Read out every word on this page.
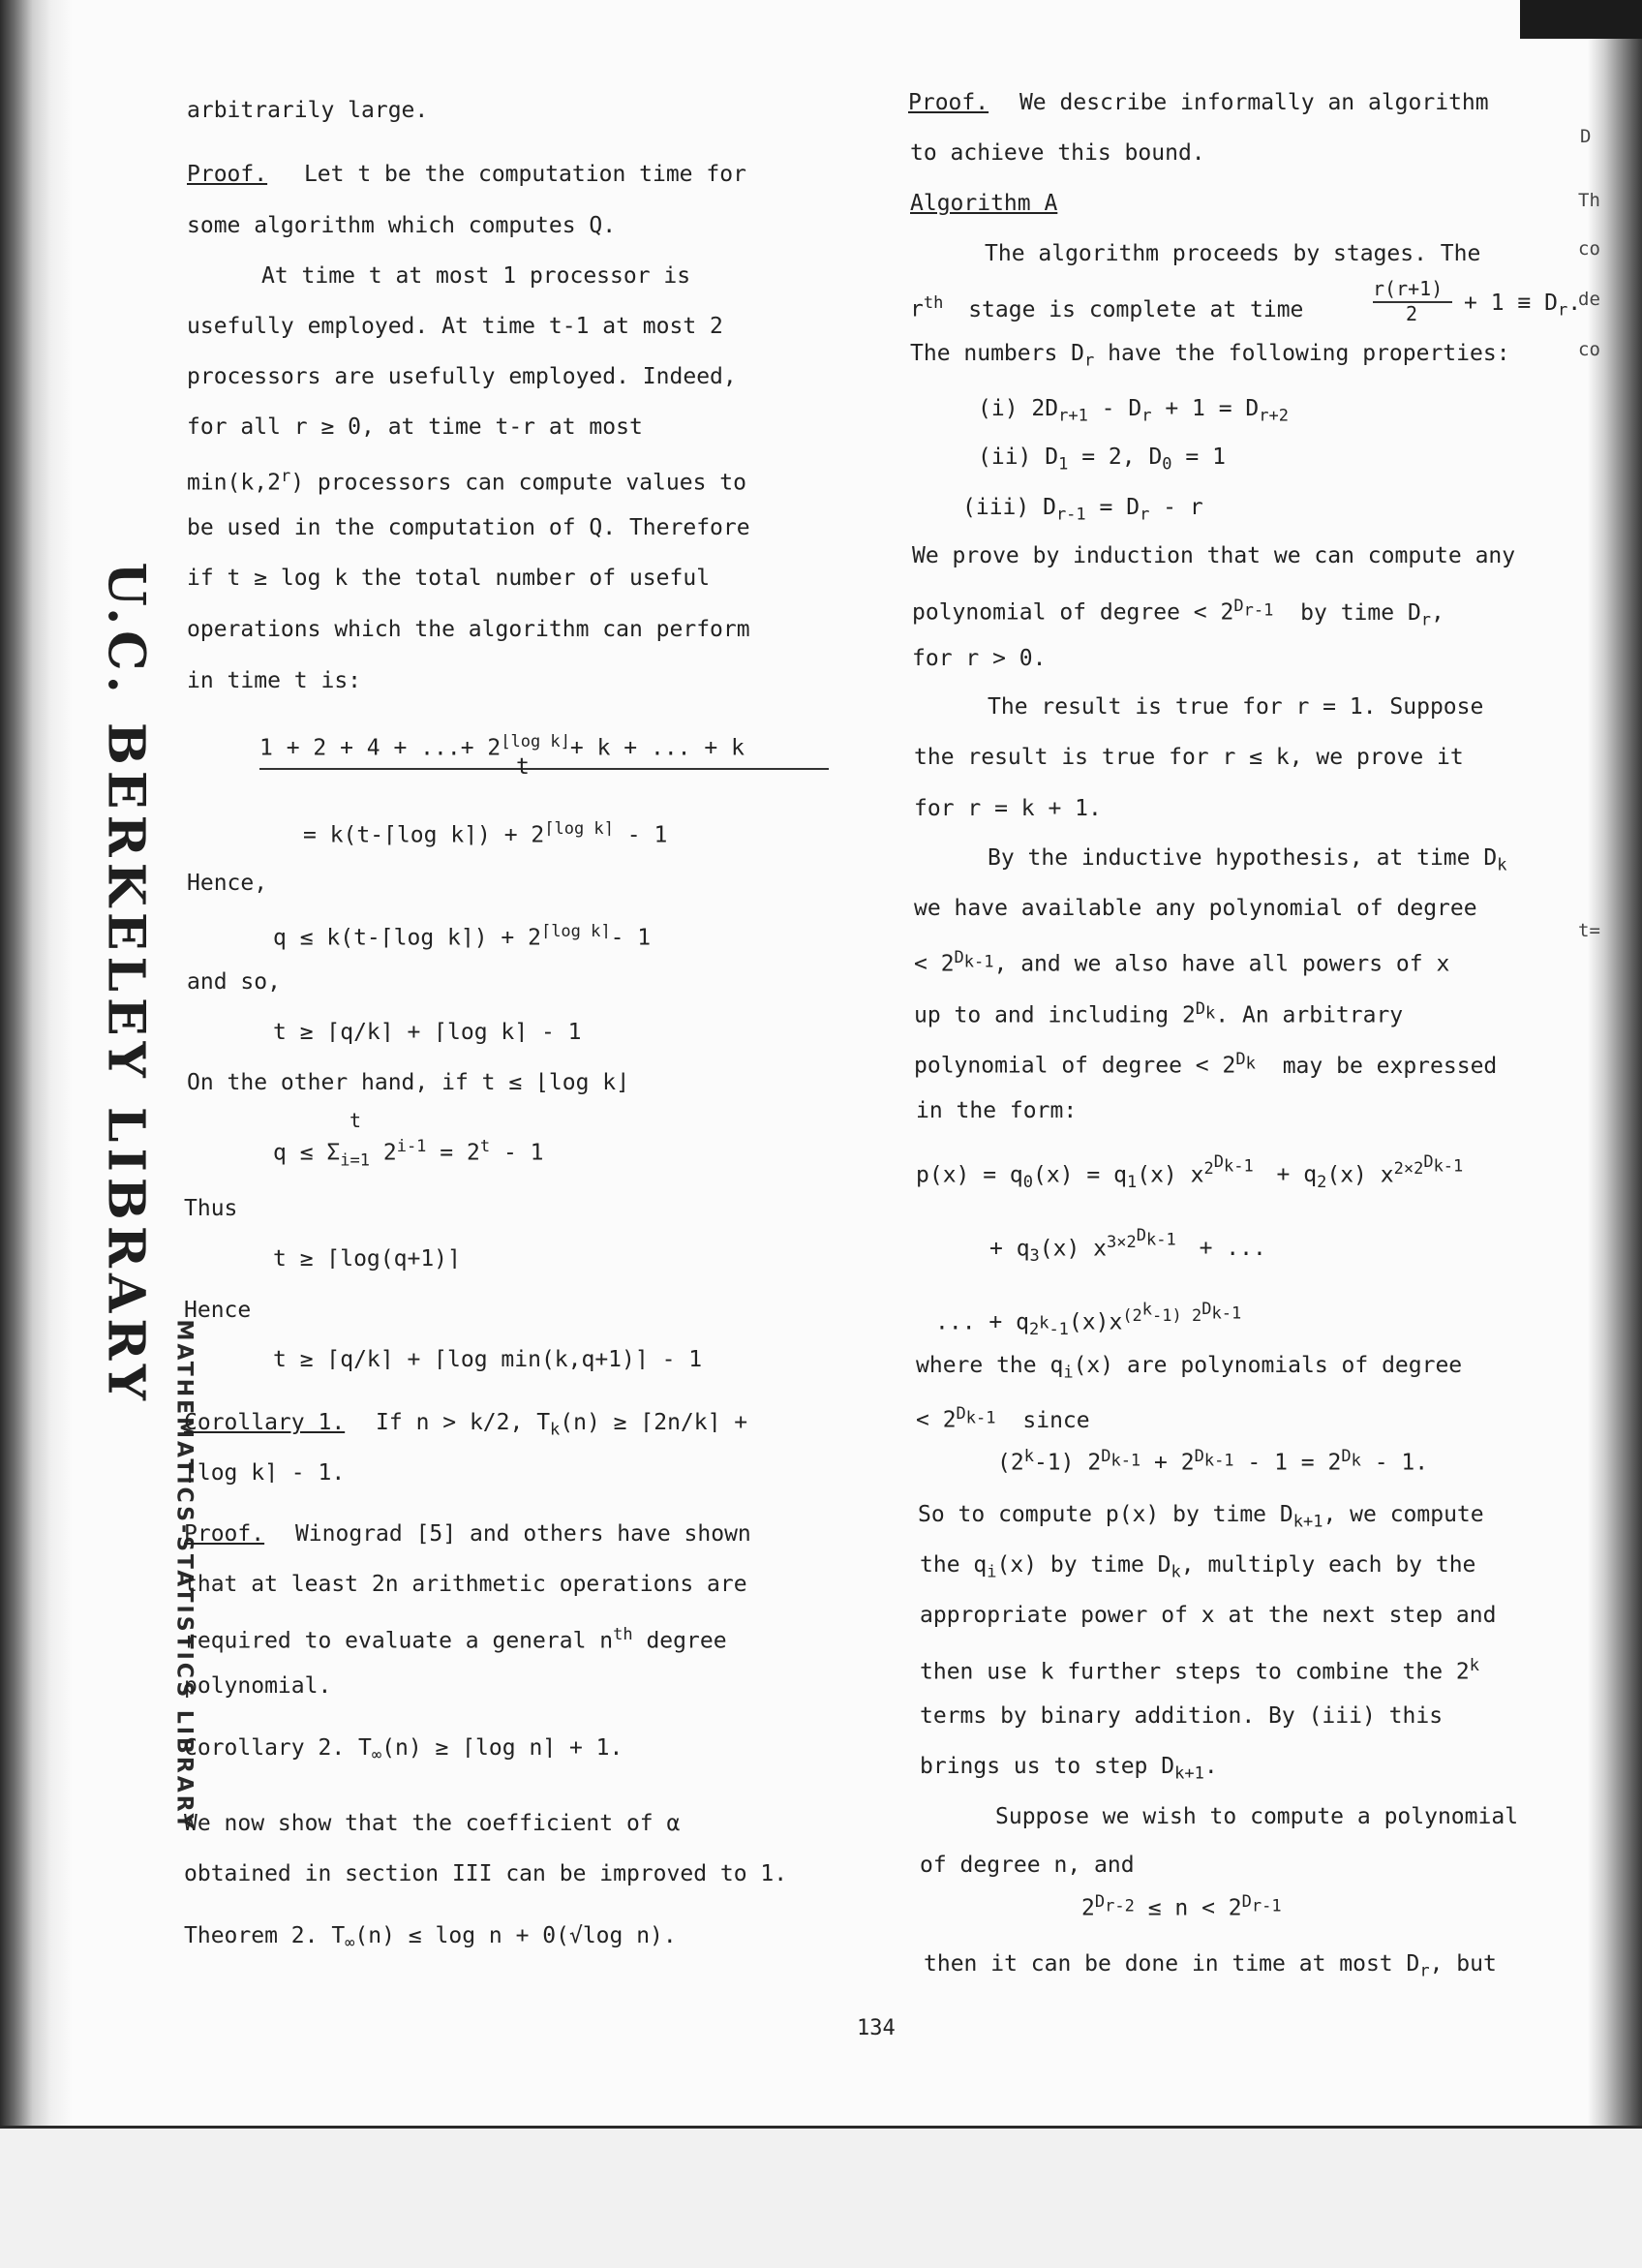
U.C. BERKELEY LIBRARY
MATHEMATICS-STATISTICS LIBRARY
D
Th
co
de
co
t=
arbitrarily large.
Proof. Let t be the computation time for
some algorithm which computes Q.
At time t at most 1 processor is
usefully employed. At time t-1 at most 2
processors are usefully employed. Indeed,
for all r ≥ 0, at time t-r at most
min(k,2$^r$) processors can compute values to
be used in the computation of Q. Therefore
if t ≥ log k the total number of useful
operations which the algorithm can perform
in time t is:
1 + 2 + 4 + ...+ $2^{⌊log k⌋}+ k$ + ... + k
t
= k(t-⌈log k⌉) + $2^{⌈log k⌉} - 1$
Hence,
q ≤ k(t-⌈log k⌉) + $2^{⌈log k⌉}-$ 1
and so,
t ≥ ⌈q/k⌉ + ⌈log k⌉ - 1
On the other hand, if t ≤ ⌊log k⌋
t
$q \le \Sigma_{i=1}$ $2^{i-1} = 2^t - 1$
Thus
t ≥ ⌈log(q+1)⌉
Hence
t ≥ ⌈q/k⌉ + ⌈log min(k,q+1)⌉ - 1
Corollary 1. If n > k/2, $T_k(n)$ ≥ ⌈2n/k⌉ +
⌈log k⌉ - 1.
Proof. Winograd [5] and others have shown
that at least 2n arithmetic operations are
required to evaluate a general $n^{th}$ degree
polynomial.
Corollary 2. $T_\infty(n)$ ≥ ⌈log n⌉ + 1.
We now show that the coefficient of α
obtained in section III can be improved to 1.
Theorem 2. $T_\infty(n) \le \log n + 0(√\log$ n).
Proof. We describe informally an algorithm
to achieve this bound.
Algorithm A
The algorithm proceeds by stages. The
$r^{th}$ stage is complete at time
r(r+1)
$2 + 1 \equiv D_r$.
The numbers $D_r$ have the following properties:
(i) $2D_{r+1} - D_r + 1 = D_{r+2}$
(ii) $D_1 = 2$, $D_0 = 1$
(iii) $D_{r-1} = D_r - r$
We prove by induction that we can compute any
polynomial of degree < $2^{D_{r-1}}$ by time $D_r$,
for r > 0.
The result is true for r = 1. Suppose
the result is true for r ≤ k, we prove it
for r = k + 1.
By the inductive hypothesis, at time $D_k$
we have available any polynomial of degree
< $2^{D_{k-1}}$, and we also have all powers of x
up to and including $2^{D_k}$. An arbitrary
polynomial of degree < $2^{D_k}$ may be expressed
in the form:
$p(x) = q_0(x) = q_1(x) x^{2^{D_{k-1}}} + q_2(x)$ $x^{2\times 2^{D_{k-1}}}$
+ $q_3(x) x^{3\times 2^{D_{k-1}}}$ + ...
... + $q_{2^k-1}(x)x^{(2^k-1) 2^{D_{k-1}}}$
where the $q_i(x)$ are polynomials of degree
< $2^{D_{k-1}}$ since
(2$^k$-1) $2^{D_{k-1}} + 2^{D_{k-1}} - 1 = 2^{D_k} - 1$.
So to compute p(x) by time $D_{k+1}$, we compute
the $q_i(x)$ by time $D_k$, multiply each by the
appropriate power of x at the next step and
then use k further steps to combine the 2$^k$
terms by binary addition. By (iii) this
brings us to step $D_{k+1}$.
Suppose we wish to compute a polynomial
of degree n, and
$2^{D_{r-2}} \le n < 2^{D_{r-1}}$
then it can be done in time at most $D_r$, but
134
